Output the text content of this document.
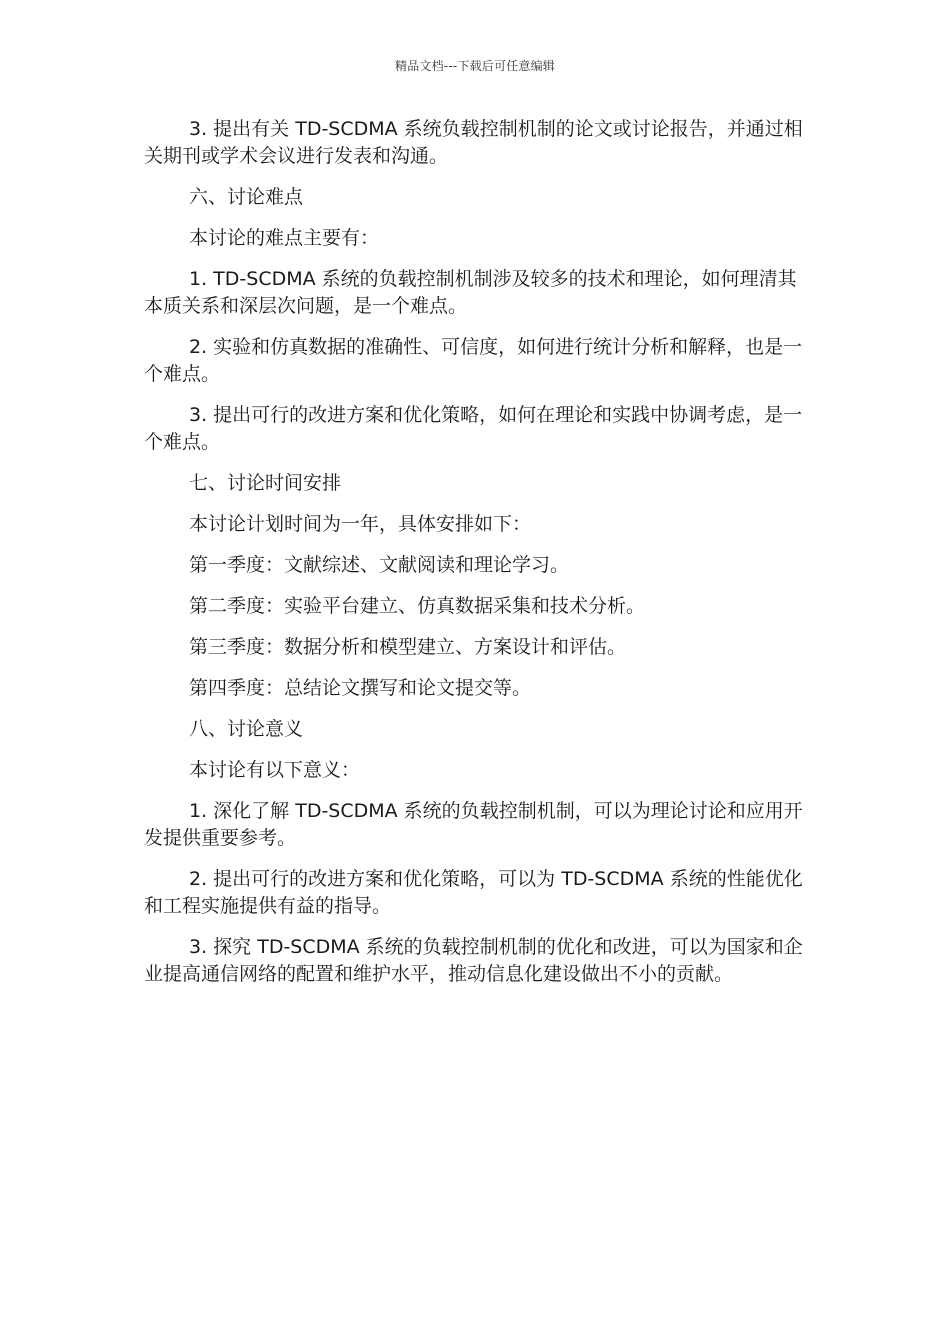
精品文档---下载后可任意编辑

3. 提出有关 TD-SCDMA 系统负载控制机制的论文或讨论报告，并通过相关期刊或学术会议进行发表和沟通。

六、讨论难点

本讨论的难点主要有：

1. TD-SCDMA 系统的负载控制机制涉及较多的技术和理论，如何理清其本质关系和深层次问题，是一个难点。

2. 实验和仿真数据的准确性、可信度，如何进行统计分析和解释，也是一个难点。

3. 提出可行的改进方案和优化策略，如何在理论和实践中协调考虑，是一个难点。

七、讨论时间安排

本讨论计划时间为一年，具体安排如下：

第一季度：文献综述、文献阅读和理论学习。

第二季度：实验平台建立、仿真数据采集和技术分析。

第三季度：数据分析和模型建立、方案设计和评估。

第四季度：总结论文撰写和论文提交等。

八、讨论意义

本讨论有以下意义：

1. 深化了解 TD-SCDMA 系统的负载控制机制，可以为理论讨论和应用开发提供重要参考。

2. 提出可行的改进方案和优化策略，可以为 TD-SCDMA 系统的性能优化和工程实施提供有益的指导。

3. 探究 TD-SCDMA 系统的负载控制机制的优化和改进，可以为国家和企业提高通信网络的配置和维护水平，推动信息化建设做出不小的贡献。
